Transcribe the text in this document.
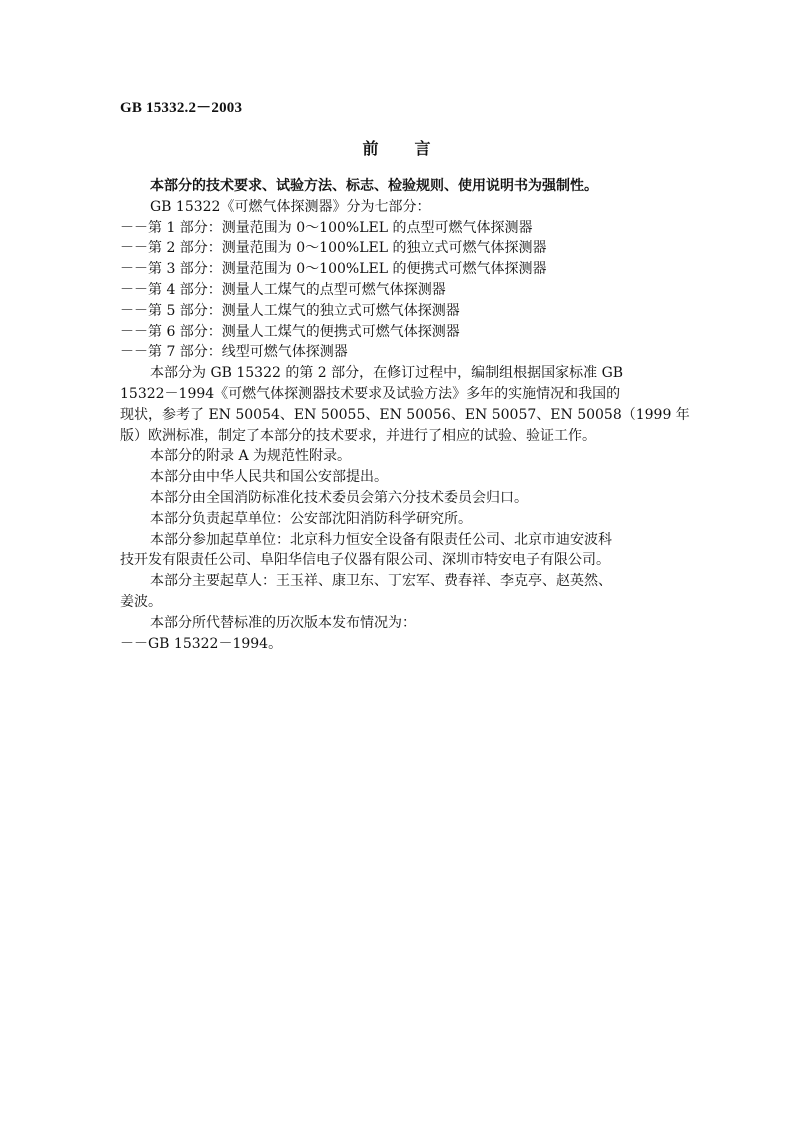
GB 15332.2－2003
前 言
本部分的技术要求、试验方法、标志、检验规则、使用说明书为强制性。
GB 15322《可燃气体探测器》分为七部分：
－－第 1 部分：测量范围为 0～100%LEL 的点型可燃气体探测器
－－第 2 部分：测量范围为 0～100%LEL 的独立式可燃气体探测器
－－第 3 部分：测量范围为 0～100%LEL 的便携式可燃气体探测器
－－第 4 部分：测量人工煤气的点型可燃气体探测器
－－第 5 部分：测量人工煤气的独立式可燃气体探测器
－－第 6 部分：测量人工煤气的便携式可燃气体探测器
－－第 7 部分：线型可燃气体探测器
本部分为 GB 15322 的第 2 部分，在修订过程中，编制组根据国家标准 GB
15322－1994《可燃气体探测器技术要求及试验方法》多年的实施情况和我国的
现状，参考了 EN 50054、EN 50055、EN 50056、EN 50057、EN 50058（1999 年
版）欧洲标准，制定了本部分的技术要求，并进行了相应的试验、验证工作。
本部分的附录 A 为规范性附录。
本部分由中华人民共和国公安部提出。
本部分由全国消防标准化技术委员会第六分技术委员会归口。
本部分负责起草单位：公安部沈阳消防科学研究所。
本部分参加起草单位：北京科力恒安全设备有限责任公司、北京市迪安波科
技开发有限责任公司、阜阳华信电子仪器有限公司、深圳市特安电子有限公司。
本部分主要起草人：王玉祥、康卫东、丁宏军、费春祥、李克亭、赵英然、
姜波。
本部分所代替标准的历次版本发布情况为：
－－GB 15322－1994。
